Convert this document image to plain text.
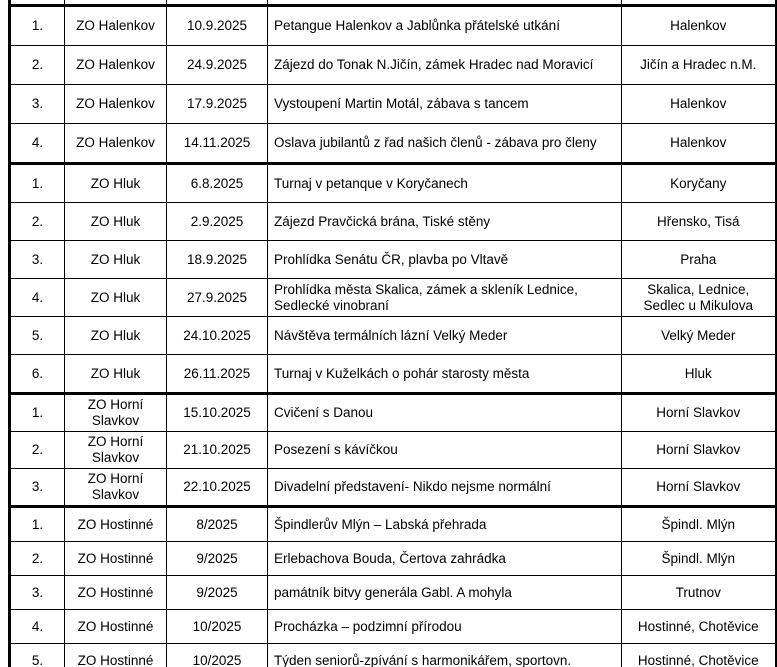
1.	ZO Halenkov	10.9.2025	Petangue Halenkov a Jablůnka přátelské utkání	Halenkov
2.	ZO Halenkov	24.9.2025	Zájezd do Tonak N.Jičín, zámek Hradec nad Moravicí	Jičín a Hradec n.M.
3.	ZO Halenkov	17.9.2025	Vystoupení Martin Motál, zábava s tancem	Halenkov
4.	ZO Halenkov	14.11.2025	Oslava jubilantů z řad našich členů - zábava pro členy	Halenkov
1.	ZO Hluk	6.8.2025	Turnaj v petanque v Koryčanech	Koryčany
2.	ZO Hluk	2.9.2025	Zájezd Pravčická brána, Tiské stěny	Hřensko, Tisá
3.	ZO Hluk	18.9.2025	Prohlídka Senátu ČR, plavba po Vltavě	Praha
4.	ZO Hluk	27.9.2025	Prohlídka města Skalica, zámek a skleník Lednice, Sedlecké vinobraní	Skalica, Lednice, Sedlec u Mikulova
5.	ZO Hluk	24.10.2025	Návštěva termálních lázní Velký Meder	Velký Meder
6.	ZO Hluk	26.11.2025	Turnaj v Kuželkách o pohár starosty města	Hluk
1.	ZO Horní Slavkov	15.10.2025	Cvičení s Danou	Horní Slavkov
2.	ZO Horní Slavkov	21.10.2025	Posezení s kávíčkou	Horní Slavkov
3.	ZO Horní Slavkov	22.10.2025	Divadelní představení- Nikdo nejsme normální	Horní Slavkov
1.	ZO Hostinné	8/2025	Špindlerův Mlýn – Labská přehrada	Špindl. Mlýn
2.	ZO Hostinné	9/2025	Erlebachova Bouda, Čertova zahrádka	Špindl. Mlýn
3.	ZO Hostinné	9/2025	památník bitvy generála Gabl. A mohyla	Trutnov
4.	ZO Hostinné	10/2025	Procházka – podzimní přírodou	Hostinné, Chotěvice
5.	ZO Hostinné	10/2025	Týden seniorů-zpívání s harmonikářem, sportovn.	Hostinné, Chotěvice
